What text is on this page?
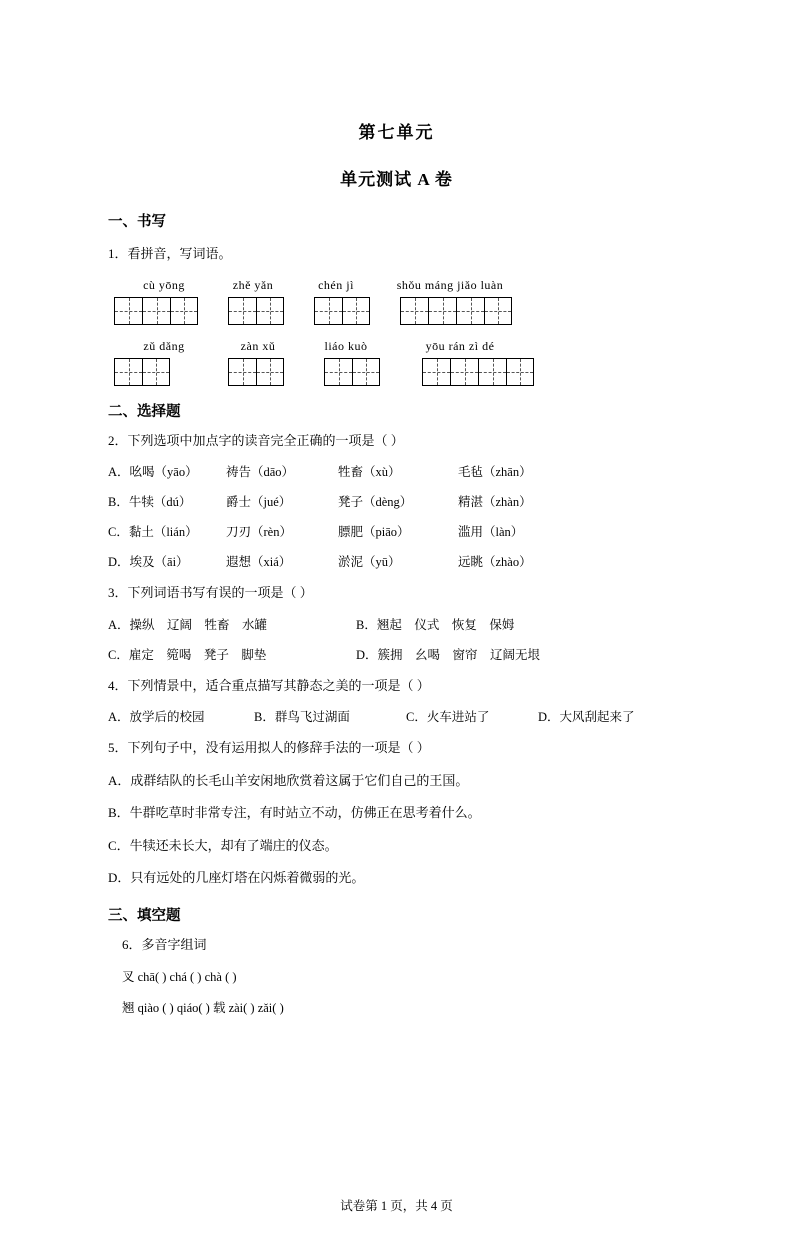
第七单元
单元测试 A 卷
一、书写
1．看拼音，写词语。
cù yōng	zhě yǎn	chén jì	shǒu máng jiǎo luàn
zǔ dǎng	zàn xǔ	liáo kuò	yōu rán zì dé
二、选择题
2．下列选项中加点字的读音完全正确的一项是（ ）
A．吆喝（yāo）	祷告（dāo）	牲畜（xù）	毛毡（zhān）
B．牛犊（dú）	爵士（jué）	凳子（dèng）	精湛（zhàn）
C．黏土（lián）	刀刃（rèn）	膘肥（piāo）	滥用（làn）
D．埃及（āi）	遐想（xiá）	淤泥（yū）	远眺（zhào）
3．下列词语书写有误的一项是（ ）
A．操纵　辽阔　牲畜　水罐	B．翘起　仪式　恢复　保姆
C．雇定　箢喝　凳子　脚垫	D．簇拥　幺喝　窗帘　辽阔无垠
4．下列情景中，适合重点描写其静态之美的一项是（ ）
A．放学后的校园	B．群鸟飞过湖面	C．火车进站了	D．大风刮起来了
5．下列句子中，没有运用拟人的修辞手法的一项是（ ）
A．成群结队的长毛山羊安闲地欣赏着这属于它们自己的王国。
B．牛群吃草时非常专注，有时站立不动，仿佛正在思考着什么。
C．牛犊还未长大，却有了端庄的仪态。
D．只有远处的几座灯塔在闪烁着微弱的光。
三、填空题
6．多音字组词
叉 chā( ) chá ( ) chà ( )
翘 qiào ( ) qiáo( ) 载 zài( ) zǎi( )
试卷第 1 页，共 4 页
